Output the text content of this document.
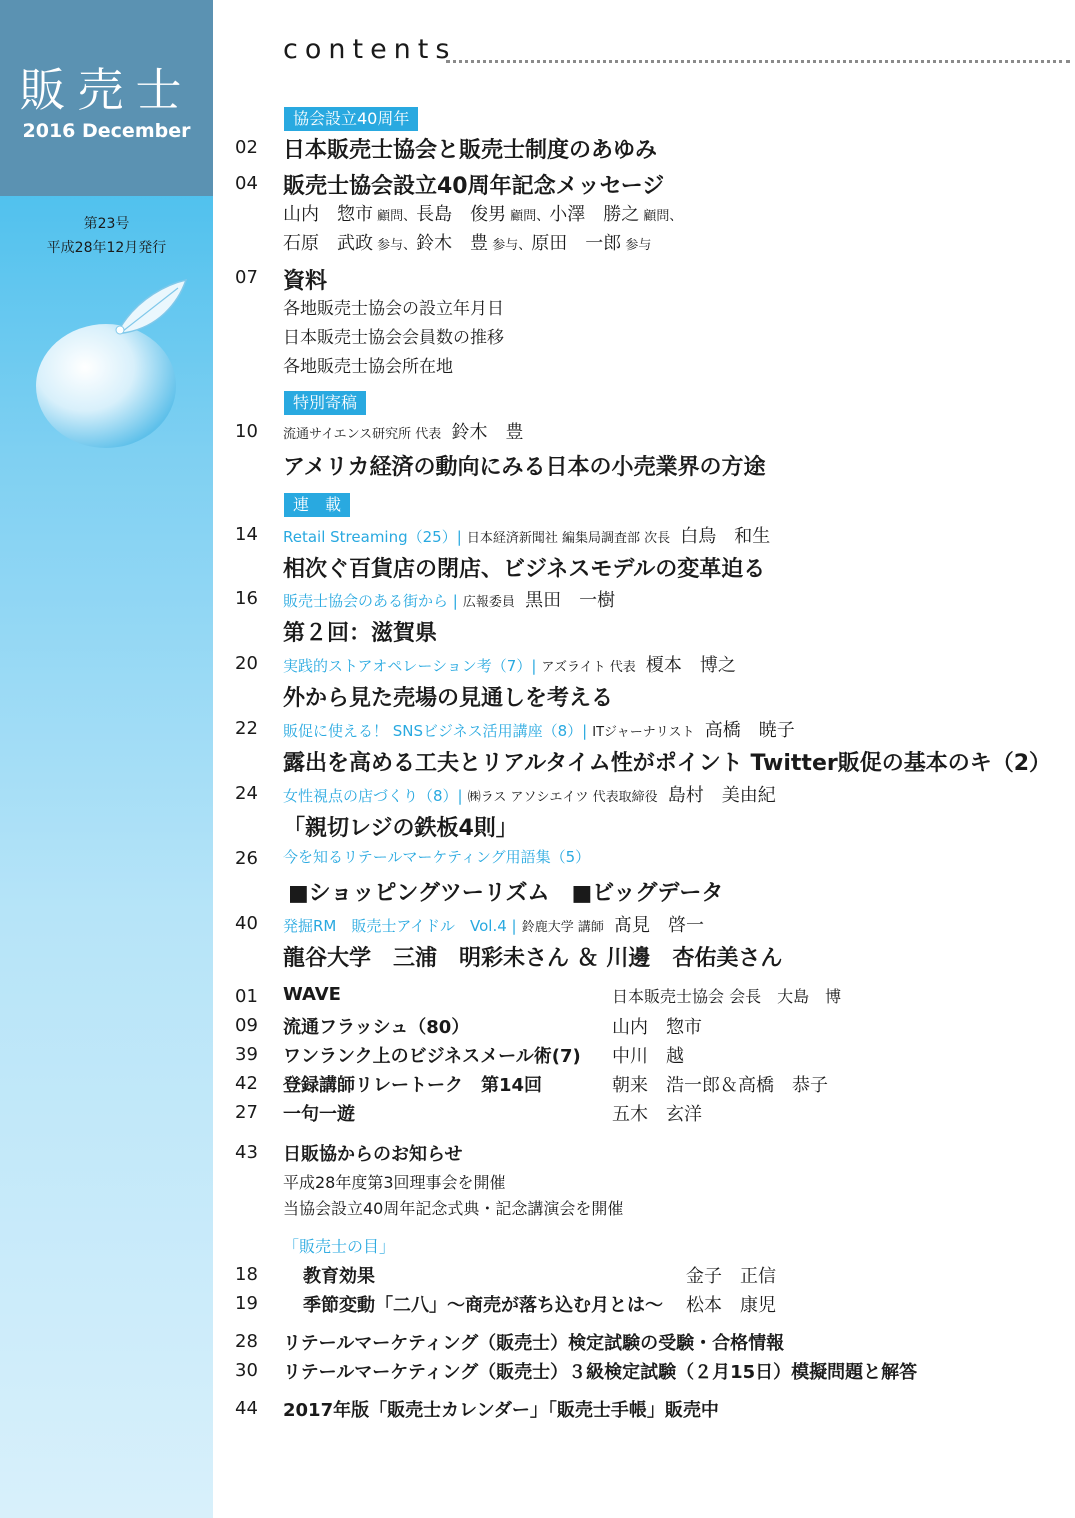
販売士
2016 December
第23号
平成28年12月発行
contents
協会設立40周年
02 日本販売士協会と販売士制度のあゆみ
04 販売士協会設立40周年記念メッセージ
山内　惣市 顧問、長島　俊男 顧問、小澤　勝之 顧問、
石原　武政 参与、鈴木　豊 参与、原田　一郎 参与
07 資料
各地販売士協会の設立年月日
日本販売士協会会員数の推移
各地販売士協会所在地
特別寄稿
10 流通サイエンス研究所 代表 鈴木　豊
アメリカ経済の動向にみる日本の小売業界の方途
連　載
14 Retail Streaming（25）| 日本経済新聞社 編集局調査部 次長 白鳥　和生
相次ぐ百貨店の閉店、ビジネスモデルの変革迫る
16 販売士協会のある街から | 広報委員 黒田　一樹
第２回：滋賀県
20 実践的ストアオペレーション考（7）| アズライト 代表 榎本　博之
外から見た売場の見通しを考える
22 販促に使える！ SNSビジネス活用講座（8）| ITジャーナリスト 高橋　暁子
露出を高める工夫とリアルタイム性がポイント Twitter販促の基本のキ（2）
24 女性視点の店づくり（8）| ㈱ラス アソシエイツ 代表取締役 島村　美由紀
「親切レジの鉄板4則」
26 今を知るリテールマーケティング用語集（5）
■ショッピングツーリズム　■ビッグデータ
40 発掘RM　販売士アイドル　Vol.4 | 鈴鹿大学 講師 髙見　啓一
龍谷大学　三浦　明彩未さん ＆ 川邊　杏佑美さん
01 WAVE	日本販売士協会 会長　大島　博
09 流通フラッシュ（80）	山内　惣市
39 ワンランク上のビジネスメール術(7) 中川　越
42 登録講師リレートーク　第14回	朝来　浩一郎＆高橋　恭子
27 一句一遊	五木　玄洋
43 日販協からのお知らせ
平成28年度第3回理事会を開催
当協会設立40周年記念式典・記念講演会を開催
「販売士の目」
18	教育効果	金子　正信
19	季節変動「二八」～商売が落ち込む月とは～ 松本　康児
28 リテールマーケティング（販売士）検定試験の受験・合格情報
30 リテールマーケティング（販売士）３級検定試験（２月15日）模擬問題と解答
44 2017年版「販売士カレンダー」「販売士手帳」販売中
